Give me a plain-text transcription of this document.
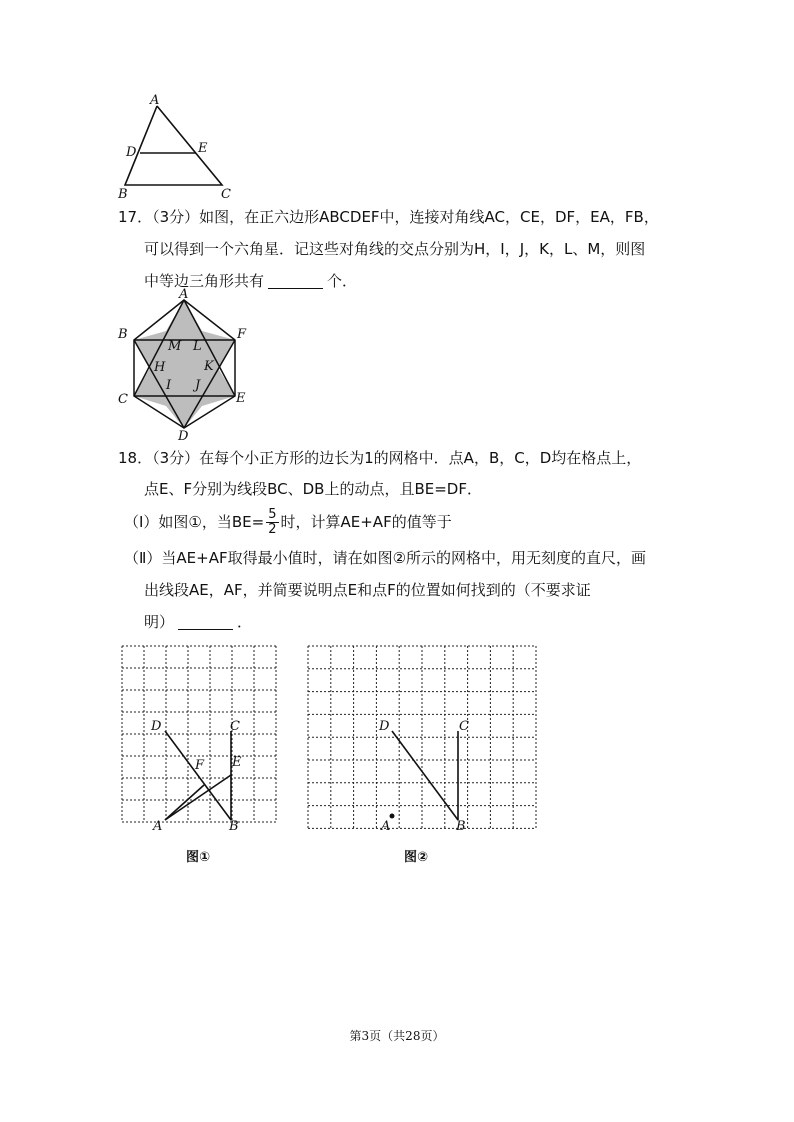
A
D	E
B	C
17．（3分）如图，在正六边形ABCDEF中，连接对角线AC，CE，DF，EA，FB，
可以得到一个六角星．记这些对角线的交点分别为H，I，J，K，L、M，则图
中等边三角形共有	个．
A
B	F
C	E
D
M L
H	K
I J
18．（3分）在每个小正方形的边长为1的网格中．点A，B，C，D均在格点上，
点E、F分别为线段BC、DB上的动点，且BE=DF．
（Ⅰ）如图①，当$BE= \frac{5}{2}$ 时，计算AE+AF的值等于
（Ⅱ）当AE+AF取得最小值时，请在如图②所示的网格中，用无刻度的直尺，画
出线段AE，AF，并简要说明点E和点F的位置如何找到的（不要求证
明）	．
D	C
F E
A	B
D	C
A	B
图①	图②
第3页（共28页）
